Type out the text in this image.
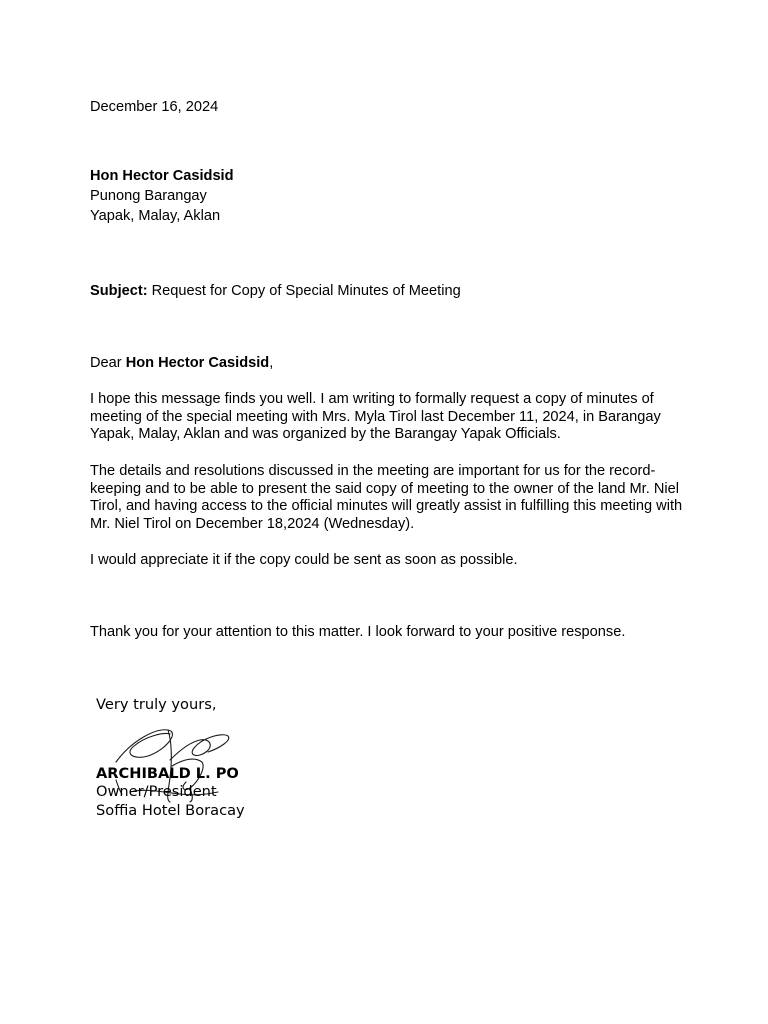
December 16, 2024
Hon Hector Casidsid
Punong Barangay
Yapak, Malay, Aklan
Subject: Request for Copy of Special Minutes of Meeting
Dear Hon Hector Casidsid,

I hope this message finds you well. I am writing to formally request a copy of minutes of meeting of the special meeting with Mrs. Myla Tirol last December 11, 2024, in Barangay Yapak, Malay, Aklan and was organized by the Barangay Yapak Officials.

The details and resolutions discussed in the meeting are important for us for the record-keeping and to be able to present the said copy of meeting to the owner of the land Mr. Niel Tirol, and having access to the official minutes will greatly assist in fulfilling this meeting with Mr. Niel Tirol on December 18,2024 (Wednesday).

I would appreciate it if the copy could be sent as soon as possible.

Thank you for your attention to this matter. I look forward to your positive response.

Very truly yours,
ARCHIBALD L. PO
Owner/President
Soffia Hotel Boracay
